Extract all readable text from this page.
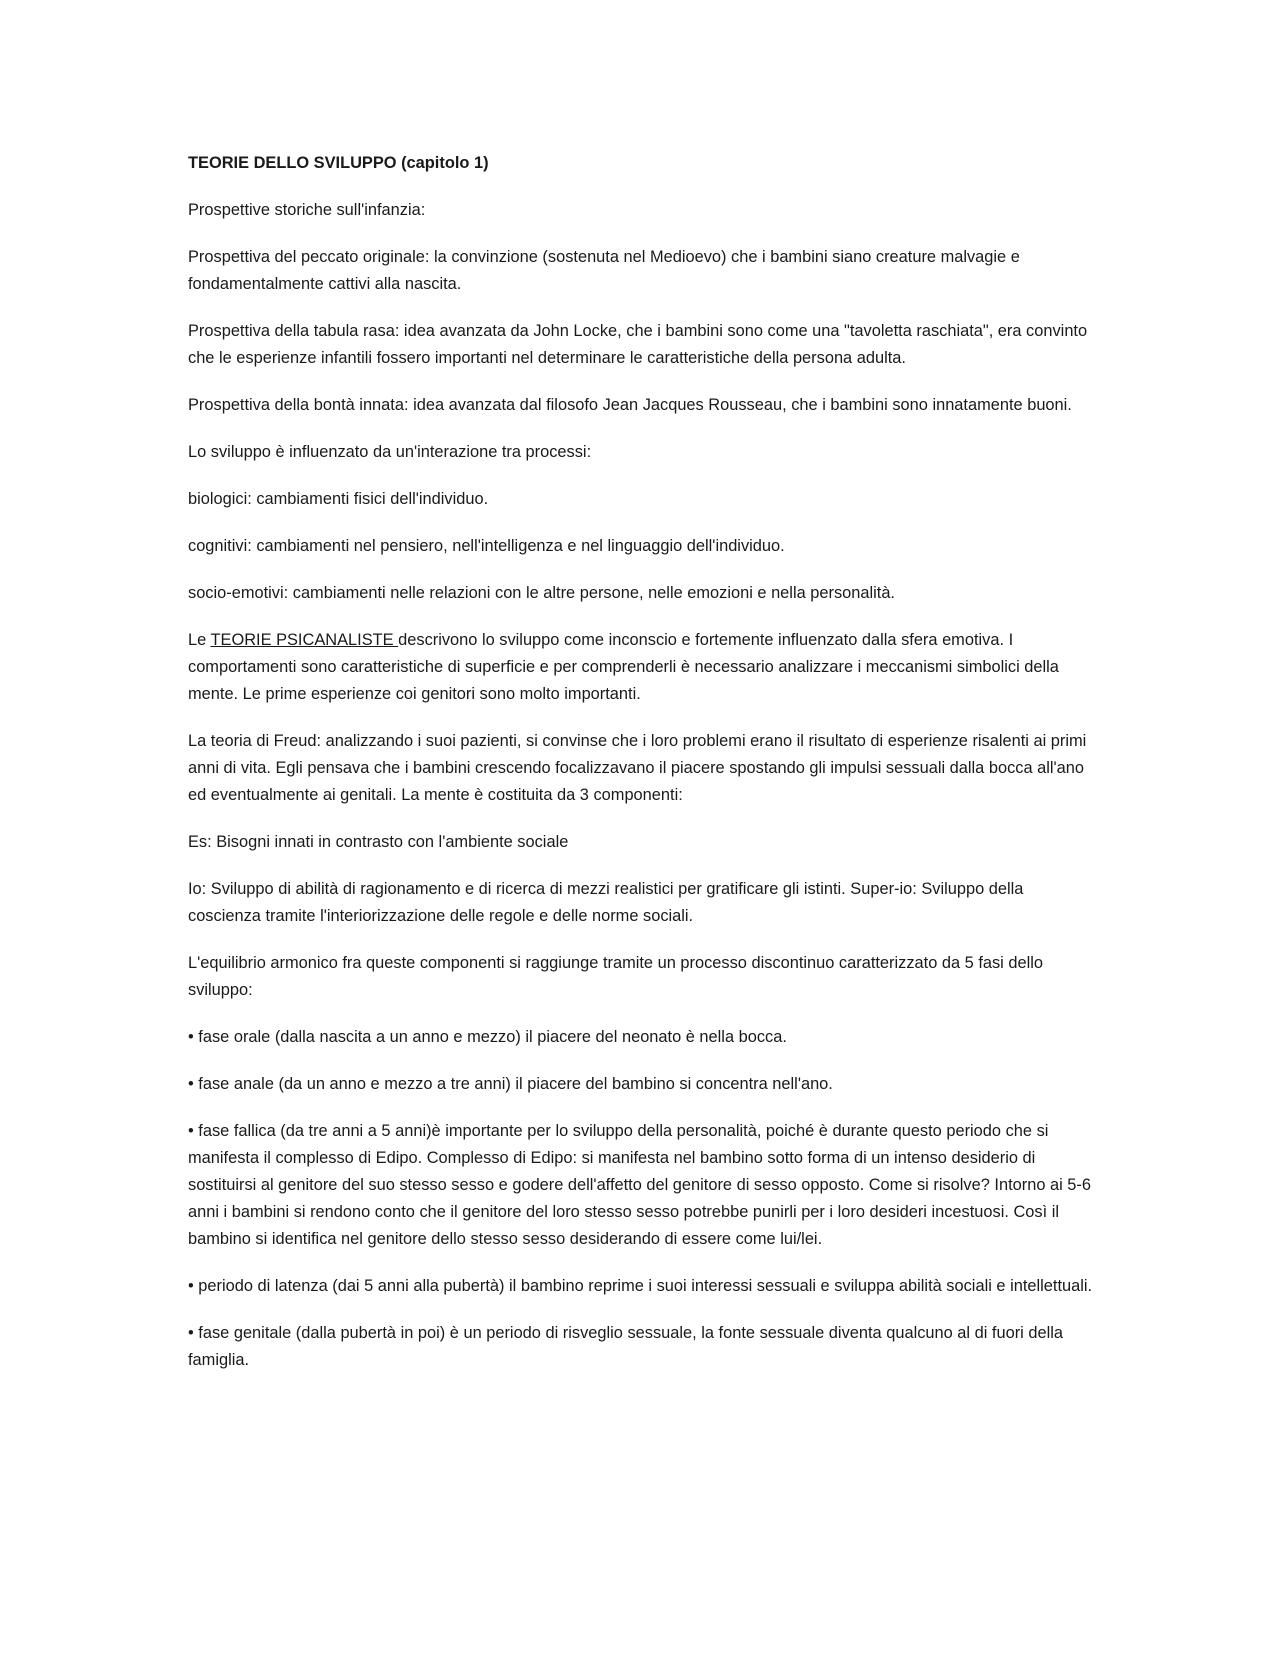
TEORIE DELLO SVILUPPO (capitolo 1)

Prospettive storiche sull'infanzia:

Prospettiva del peccato originale: la convinzione (sostenuta nel Medioevo) che i bambini siano creature malvagie e fondamentalmente cattivi alla nascita.

Prospettiva della tabula rasa: idea avanzata da John Locke, che i bambini sono come una "tavoletta raschiata", era convinto che le esperienze infantili fossero importanti nel determinare le caratteristiche della persona adulta.

Prospettiva della bontà innata: idea avanzata dal filosofo Jean Jacques Rousseau, che i bambini sono innatamente buoni.

Lo sviluppo è influenzato da un'interazione tra processi:

biologici: cambiamenti fisici dell'individuo.

cognitivi: cambiamenti nel pensiero, nell'intelligenza e nel linguaggio dell'individuo.

socio-emotivi: cambiamenti nelle relazioni con le altre persone, nelle emozioni e nella personalità.

Le TEORIE PSICANALISTE descrivono lo sviluppo come inconscio e fortemente influenzato dalla sfera emotiva. I comportamenti sono caratteristiche di superficie e per comprenderli è necessario analizzare i meccanismi simbolici della mente. Le prime esperienze coi genitori sono molto importanti.

La teoria di Freud: analizzando i suoi pazienti, si convinse che i loro problemi erano il risultato di esperienze risalenti ai primi anni di vita. Egli pensava che i bambini crescendo focalizzavano il piacere spostando gli impulsi sessuali dalla bocca all'ano ed eventualmente ai genitali. La mente è costituita da 3 componenti:

Es: Bisogni innati in contrasto con l'ambiente sociale

Io: Sviluppo di abilità di ragionamento e di ricerca di mezzi realistici per gratificare gli istinti. Super-io: Sviluppo della coscienza tramite l'interiorizzazione delle regole e delle norme sociali.

L'equilibrio armonico fra queste componenti si raggiunge tramite un processo discontinuo caratterizzato da 5 fasi dello sviluppo:

• fase orale (dalla nascita a un anno e mezzo) il piacere del neonato è nella bocca.

• fase anale (da un anno e mezzo a tre anni) il piacere del bambino si concentra nell'ano.

• fase fallica (da tre anni a 5 anni)è importante per lo sviluppo della personalità, poiché è durante questo periodo che si manifesta il complesso di Edipo. Complesso di Edipo: si manifesta nel bambino sotto forma di un intenso desiderio di sostituirsi al genitore del suo stesso sesso e godere dell'affetto del genitore di sesso opposto. Come si risolve? Intorno ai 5-6 anni i bambini si rendono conto che il genitore del loro stesso sesso potrebbe punirli per i loro desideri incestuosi. Così il bambino si identifica nel genitore dello stesso sesso desiderando di essere come lui/lei.

• periodo di latenza (dai 5 anni alla pubertà) il bambino reprime i suoi interessi sessuali e sviluppa abilità sociali e intellettuali.

• fase genitale (dalla pubertà in poi) è un periodo di risveglio sessuale, la fonte sessuale diventa qualcuno al di fuori della famiglia.
